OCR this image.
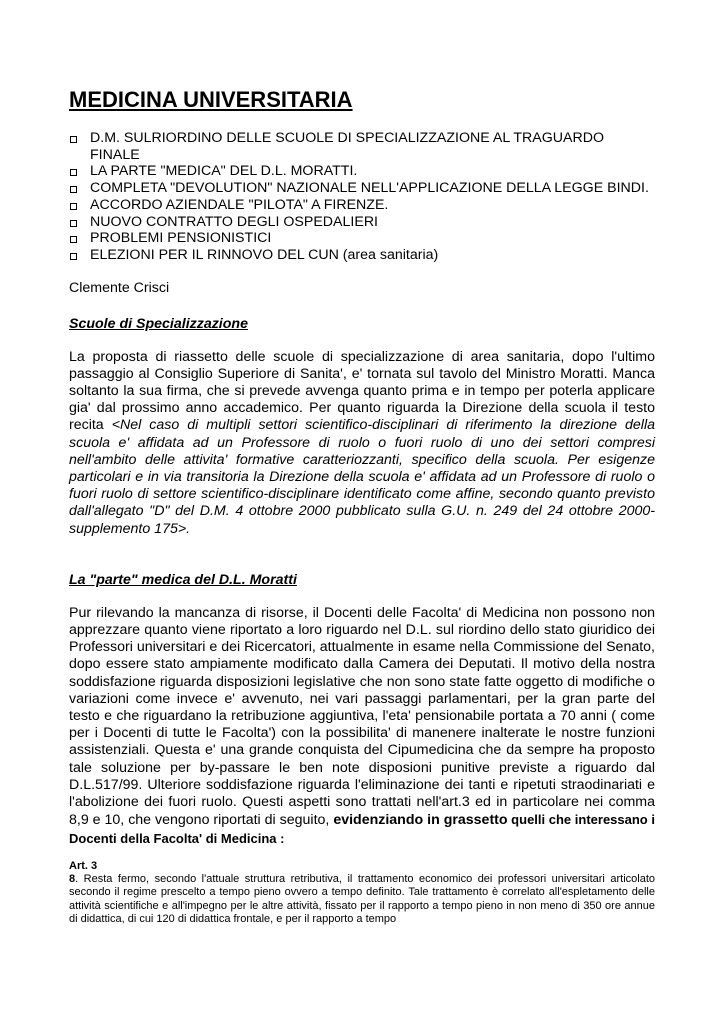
MEDICINA UNIVERSITARIA
D.M. SULRIORDINO DELLE SCUOLE DI SPECIALIZZAZIONE AL TRAGUARDO FINALE
LA PARTE "MEDICA" DEL D.L. MORATTI.
COMPLETA "DEVOLUTION" NAZIONALE NELL'APPLICAZIONE DELLA LEGGE BINDI.
ACCORDO AZIENDALE "PILOTA" A FIRENZE.
NUOVO CONTRATTO DEGLI OSPEDALIERI
PROBLEMI PENSIONISTICI
ELEZIONI PER IL RINNOVO DEL CUN (area sanitaria)
Clemente Crisci
Scuole di Specializzazione
La proposta di riassetto delle scuole di specializzazione di area sanitaria, dopo l'ultimo passaggio al Consiglio Superiore di Sanita', e' tornata sul tavolo del Ministro Moratti. Manca soltanto la sua firma, che si prevede avvenga quanto prima e in tempo per poterla applicare gia' dal prossimo anno accademico. Per quanto riguarda la Direzione della scuola il testo recita <Nel caso di multipli settori scientifico-disciplinari di riferimento la direzione della scuola e' affidata ad un Professore di ruolo o fuori ruolo di uno dei settori compresi nell'ambito delle attivita' formative caratteriozzanti, specifico della scuola. Per esigenze particolari e in via transitoria la Direzione della scuola e' affidata ad un Professore di ruolo o fuori ruolo di settore scientifico-disciplinare identificato come affine, secondo quanto previsto dall'allegato "D" del D.M. 4 ottobre 2000 pubblicato sulla G.U. n. 249 del 24 ottobre 2000-supplemento 175>.
La "parte" medica del D.L. Moratti
Pur rilevando la mancanza di risorse, il Docenti delle Facolta' di Medicina non possono non apprezzare quanto viene riportato a loro riguardo nel D.L. sul riordino dello stato giuridico dei Professori universitari e dei Ricercatori, attualmente in esame nella Commissione del Senato, dopo essere stato ampiamente modificato dalla Camera dei Deputati. Il motivo della nostra soddisfazione riguarda disposizioni legislative che non sono state fatte oggetto di modifiche o variazioni come invece e' avvenuto, nei vari passaggi parlamentari, per la gran parte del testo e che riguardano la retribuzione aggiuntiva, l'eta' pensionabile portata a 70 anni ( come per i Docenti di tutte le Facolta') con la possibilita' di manenere inalterate le nostre funzioni assistenziali. Questa e' una grande conquista del Cipumedicina che da sempre ha proposto tale soluzione per by-passare le ben note disposioni punitive previste a riguardo dal D.L.517/99. Ulteriore soddisfazione riguarda l'eliminazione dei tanti e ripetuti straodinariati e l'abolizione dei fuori ruolo. Questi aspetti sono trattati nell'art.3 ed in particolare nei comma 8,9 e 10, che vengono riportati di seguito, evidenziando in grassetto quelli che interessano i Docenti della Facolta' di Medicina :
Art. 3
8. Resta fermo, secondo l'attuale struttura retributiva, il trattamento economico dei professori universitari articolato secondo il regime prescelto a tempo pieno ovvero a tempo definito. Tale trattamento è correlato all'espletamento delle attività scientifiche e all'impegno per le altre attività, fissato per il rapporto a tempo pieno in non meno di 350 ore annue di didattica, di cui 120 di didattica frontale, e per il rapporto a tempo
